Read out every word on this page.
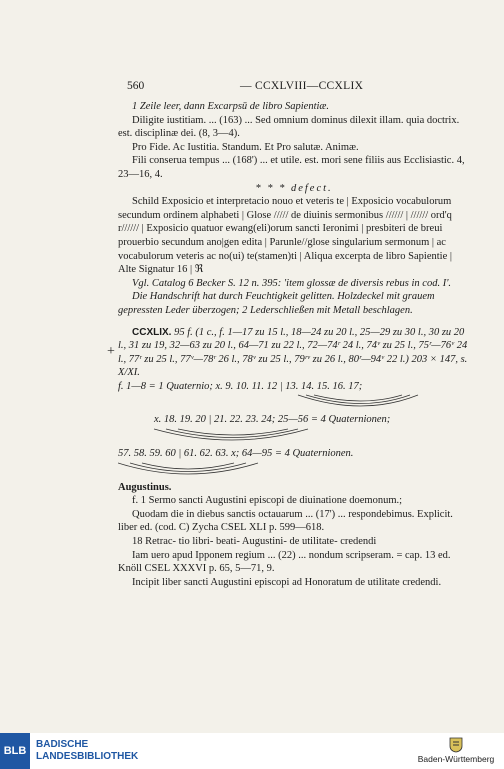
560	— CCXLVIII—CCXLIX
+

1 Zeile leer, dann Excarpsū de libro Sapientiæ.

Diligite iustitiam. ... (163) ... Sed omnium dominus dilexit illam. quia doctrix. est. disciplinæ dei. (8, 3—4).

Pro Fide. Ac Iustitia. Standum. Et Pro salutæ. Animæ.

Fili conserua tempus ... (168') ... et utile. est. mori sene filiis aus Ecclisiastic. 4, 23—16, 4.

* * * defect.

Schild Exposicio et interpretacio nouo et veteris te | Exposicio vocabulorum secundum ordinem alphabeti | Glose ///// de diuinis sermonibus ////// | ////// ord'q r////// | Exposicio quatuor ewang(eli)orum sancti Ieronimi | presbiteri de breui prouerbio secundum ano|gen edita | Parunle//glose singularium sermonum | ac vocabulorum veteris ac no(ui) te(stamen)ti | Aliqua excerpta de libro Sapientie | Alte Signatur 16 | ℜ

Vgl. Catalog 6 Becker S. 12 n. 395: 'item glossæ de diversis rebus in cod. I'.

Die Handschrift hat durch Feuchtigkeit gelitten. Holzdeckel mit grauem gepressten Leder überzogen; 2 Lederschließen mit Metall beschlagen.

CCXLIX. 95 f. (1 c., f. 1—17 zu 15 l., 18—24 zu 20 l., 25—29 zu 30 l., 30 zu 20 l., 31 zu 19, 32—63 zu 20 l., 64—71 zu 22 l., 72—74ʳ 24 l., 74ᵛ zu 25 l., 75ʳ—76ᵛ 24 l., 77ʳ zu 25 l., 77ᵛ—78ʳ 26 l., 78ᵛ zu 25 l., 79ʳᵛ zu 26 l., 80ʳ—94ᵛ 22 l.) 203 × 147, s. X/XI.

f. 1—8 = 1 Quaternio; x. 9. 10. 11. 12 | 13. 14. 15. 16. 17;

x. 18. 19. 20 | 21. 22. 23. 24; 25—56 = 4 Quaternionen;

57. 58. 59. 60 | 61. 62. 63. x; 64—95 = 4 Quaternionen.

Augustinus.

f. 1 Sermo sancti Augustini episcopi de diuinatione doemonum.;

Quodam die in diebus sanctis octauarum ... (17') ... respondebimus. Explicit. liber ed. (cod. C) Zycha CSEL XLI p. 599—618.

18 Retrac- tio libri- beati- Augustini- de utilitate- credendi

Iam uero apud Ipponem regium ... (22) ... nondum scripseram. = cap. 13 ed. Knöll CSEL XXXVI p. 65, 5—71, 9.

Incipit liber sancti Augustini episcopi ad Honoratum de utilitate credendi.

BLB
BADISCHE
LANDESBIBLIOTHEK	Baden-Württemberg
